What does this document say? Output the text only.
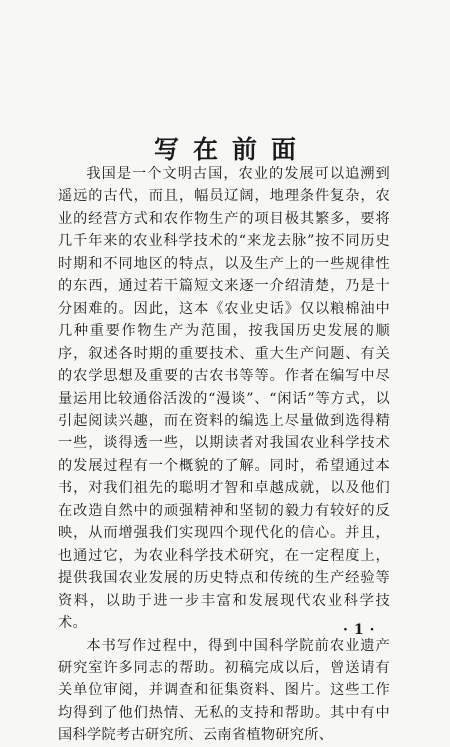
写在前面

我国是一个文明古国，农业的发展可以追溯到遥远的古代，而且，幅员辽阔，地理条件复杂，农业的经营方式和农作物生产的项目极其繁多，要将几千年来的农业科学技术的“来龙去脉”按不同历史时期和不同地区的特点，以及生产上的一些规律性的东西，通过若干篇短文来逐一介绍清楚，乃是十分困难的。因此，这本《农业史话》仅以粮棉油中几种重要作物生产为范围，按我国历史发展的顺序，叙述各时期的重要技术、重大生产问题、有关的农学思想及重要的古农书等等。作者在编写中尽量运用比较通俗活泼的“漫谈”、“闲话”等方式，以引起阅读兴趣，而在资料的编选上尽量做到选得精一些，谈得透一些，以期读者对我国农业科学技术的发展过程有一个概貌的了解。同时，希望通过本书，对我们祖先的聪明才智和卓越成就，以及他们在改造自然中的顽强精神和坚韧的毅力有较好的反映，从而增强我们实现四个现代化的信心。并且，也通过它，为农业科学技术研究，在一定程度上，提供我国农业发展的历史特点和传统的生产经验等资料，以助于进一步丰富和发展现代农业科学技术。

本书写作过程中，得到中国科学院前农业遗产研究室许多同志的帮助。初稿完成以后，曾送请有关单位审阅，并调查和征集资料、图片。这些工作均得到了他们热情、无私的支持和帮助。其中有中国科学院考古研究所、云南省植物研究所、

·1·
